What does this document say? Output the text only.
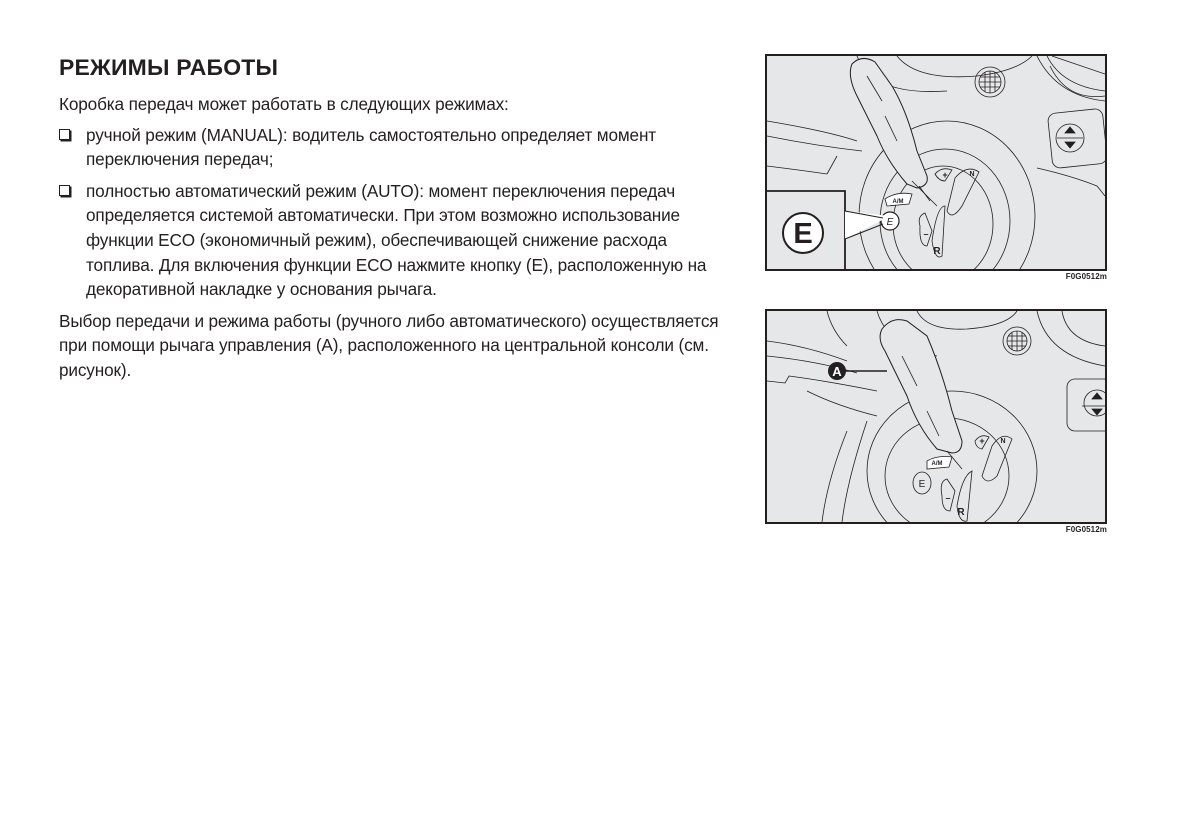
РЕЖИМЫ РАБОТЫ

Коробка передач может работать в следующих режимах:

ручной режим (MANUAL): водитель самостоятельно определяет момент переключения передач;
полностью автоматический режим (AUTO): момент переключения передач определяется системой автоматически. При этом возможно использование функции ECO (экономичный режим), обеспечивающей снижение расхода топлива. Для включения функции ECO нажмите кнопку (E), расположенную на декоративной накладке у основания рычага.

Выбор передачи и режима работы (ручного либо автоматического) осуществляется при помощи рычага управления (A), расположенного на центральной консоли (см. рисунок).

E	E
A/M
+	N
–
R
F0G0512m
A
E
A/M
+ N
–
R
F0G0512m
